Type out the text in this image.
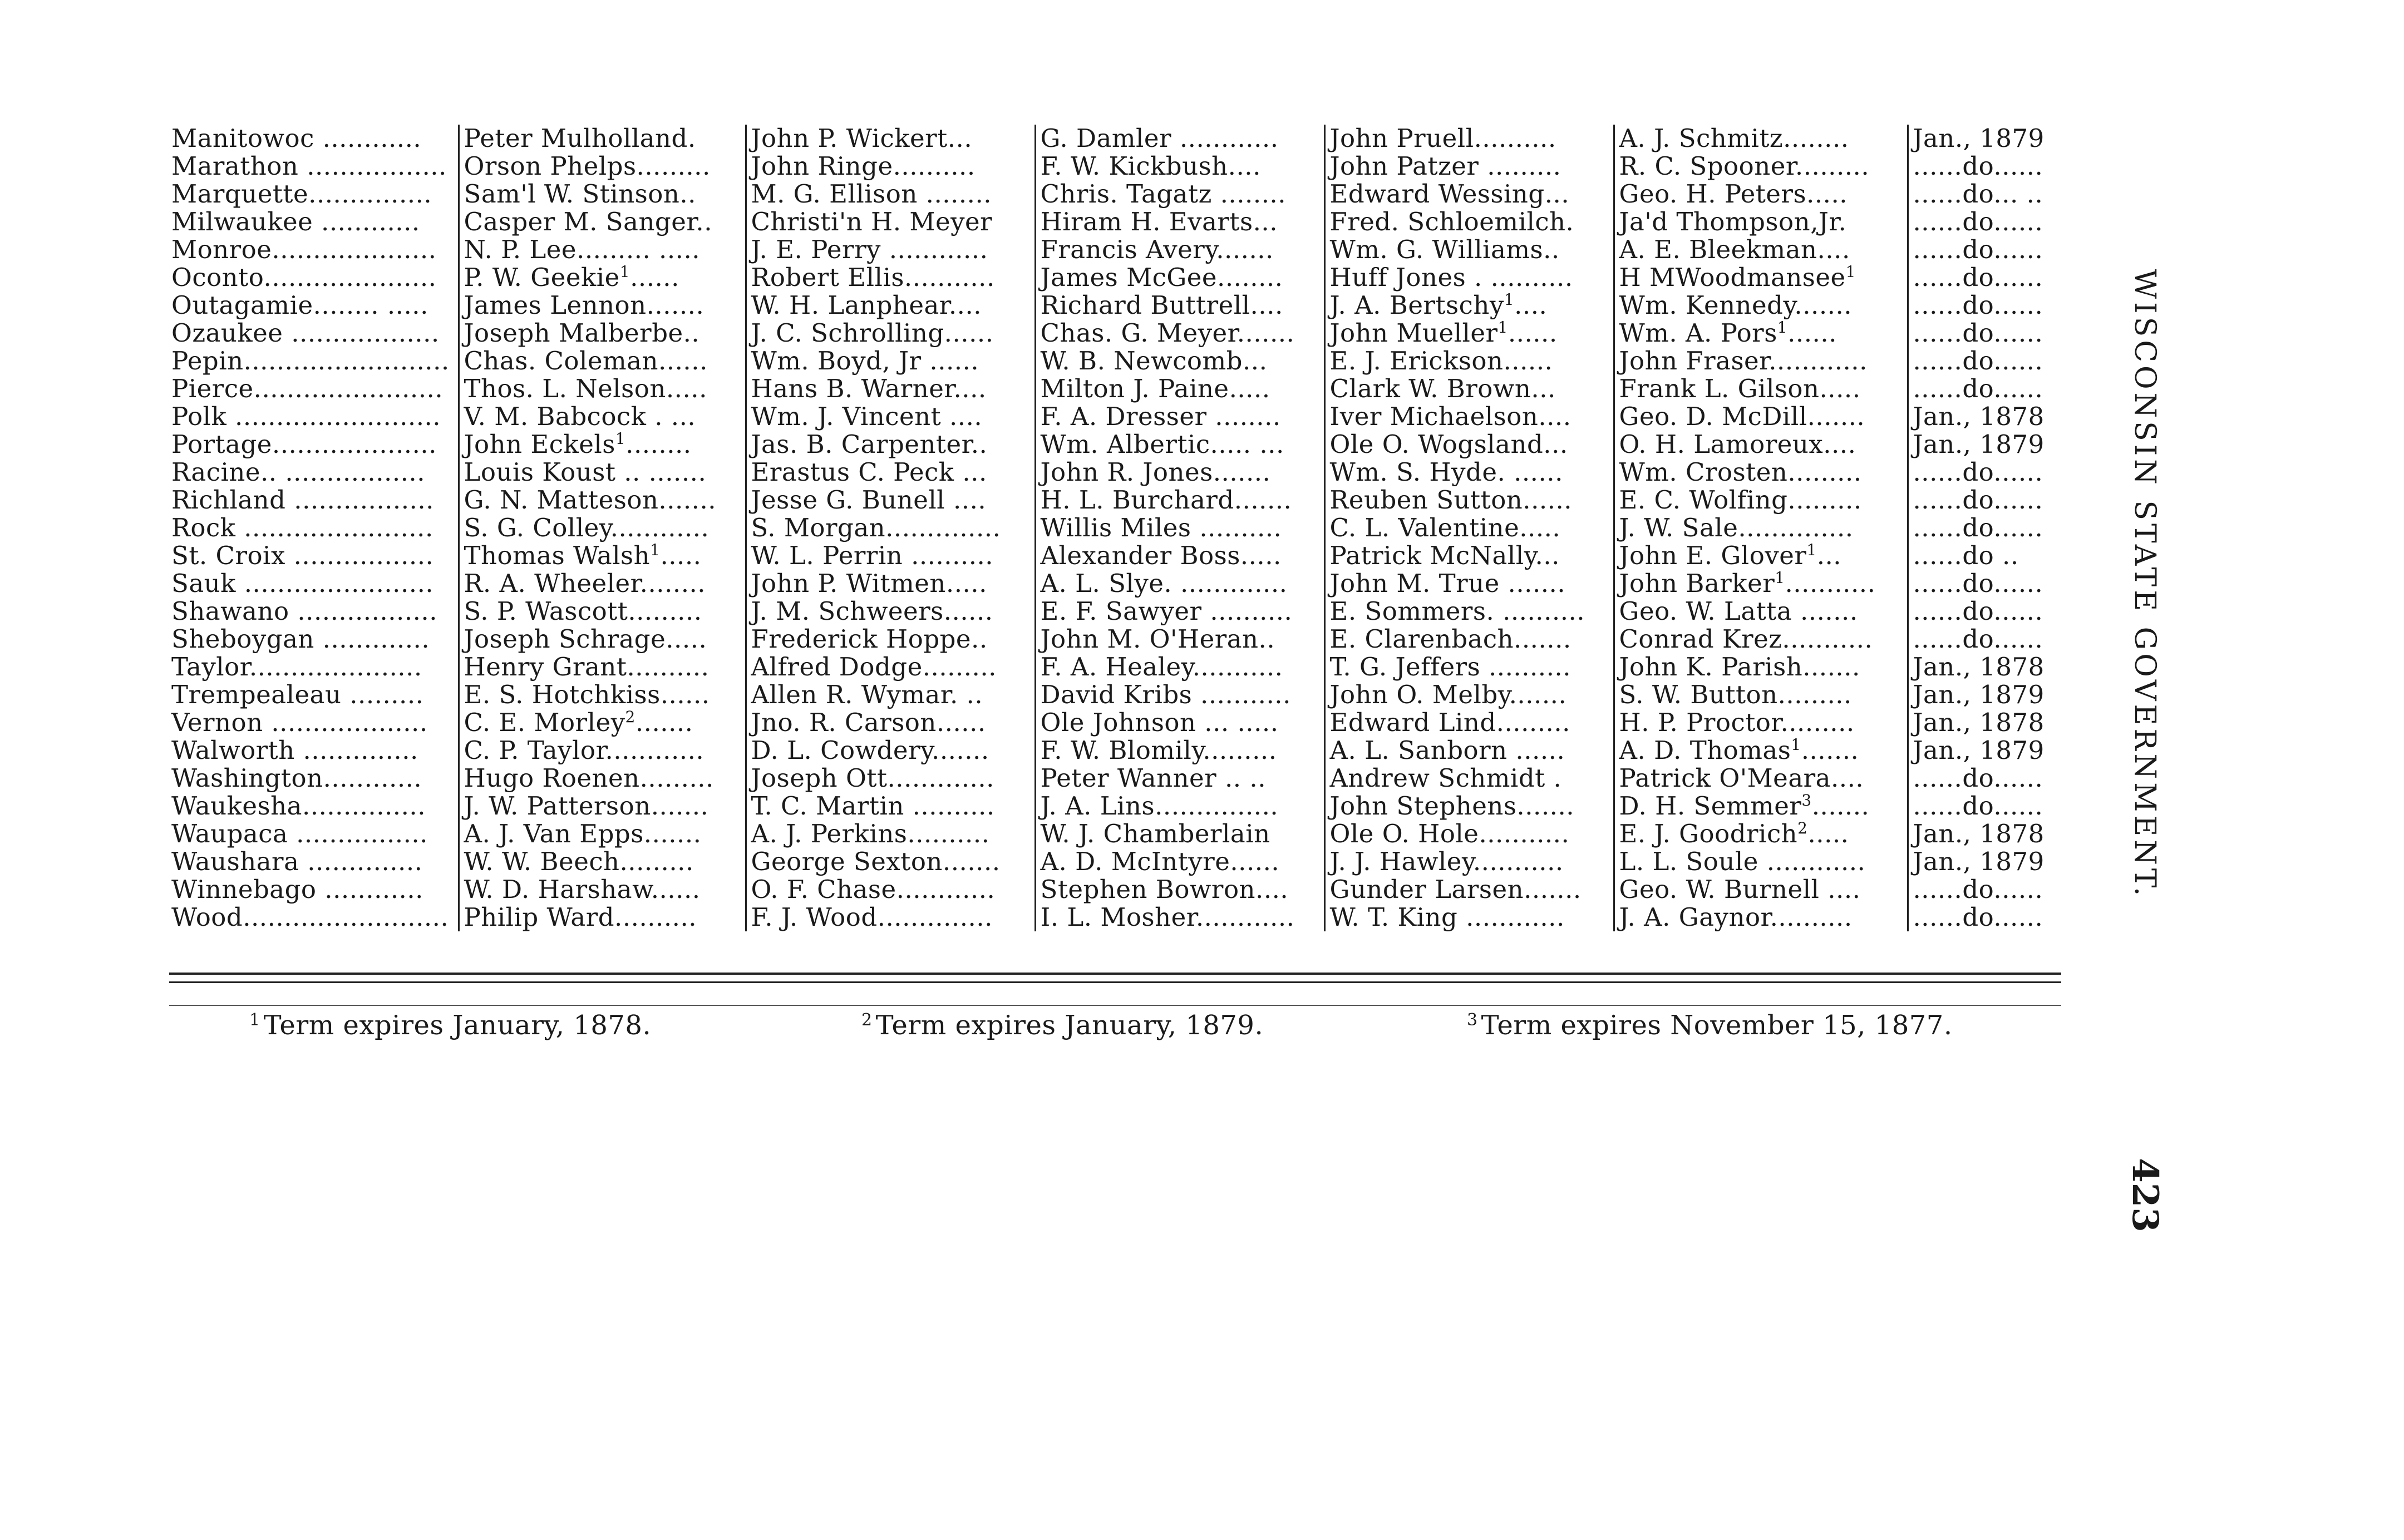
Manitowoc ............	Peter Mulholland.	John P. Wickert...	G. Damler ............	John Pruell..........	A. J. Schmitz........	Jan., 1879
Marathon .................	Orson Phelps.........	John Ringe..........	F. W. Kickbush....	John Patzer .........	R. C. Spooner.........	......do......
Marquette...............	Sam'l W. Stinson..	M. G. Ellison ........	Chris. Tagatz ........	Edward Wessing...	Geo. H. Peters.....	......do... ..
Milwaukee ............	Casper M. Sanger..	Christi'n H. Meyer	Hiram H. Evarts...	Fred. Schloemilch.	Ja'd Thompson,Jr.	......do......
Monroe....................	N. P. Lee......... .....	J. E. Perry ............	Francis Avery.......	Wm. G. Williams..	A. E. Bleekman....	......do......
Oconto.....................	P. W. Geekie$^1$......	Robert Ellis...........	James McGee........	Huff Jones . ..........	H MWoodmansee$^1$	......do......
Outagamie........ .....	James Lennon.......	W. H. Lanphear....	Richard Buttrell....	J. A. Bertschy$^1$....	Wm. Kennedy.......	......do......
Ozaukee ..................	Joseph Malberbe..	J. C. Schrolling......	Chas. G. Meyer.......	John Mueller$^1$......	Wm. A. Pors$^1$......	......do......
Pepin.........................	Chas. Coleman......	Wm. Boyd, Jr ......	W. B. Newcomb...	E. J. Erickson......	John Fraser............	......do......
Pierce.......................	Thos. L. Nelson.....	Hans B. Warner....	Milton J. Paine.....	Clark W. Brown...	Frank L. Gilson.....	......do......
Polk .........................	V. M. Babcock . ...	Wm. J. Vincent ....	F. A. Dresser ........	Iver Michaelson....	Geo. D. McDill.......	Jan., 1878
Portage....................	John Eckels$^1$........	Jas. B. Carpenter..	Wm. Albertic..... ...	Ole O. Wogsland...	O. H. Lamoreux....	Jan., 1879
Racine.. .................	Louis Koust .. .......	Erastus C. Peck ...	John R. Jones.......	Wm. S. Hyde. ......	Wm. Crosten.........	......do......
Richland .................	G. N. Matteson.......	Jesse G. Bunell ....	H. L. Burchard.......	Reuben Sutton......	E. C. Wolfing.........	......do......
Rock .......................	S. G. Colley............	S. Morgan..............	Willis Miles ..........	C. L. Valentine.....	J. W. Sale..............	......do......
St. Croix .................	Thomas Walsh$^1$.....	W. L. Perrin ..........	Alexander Boss.....	Patrick McNally...	John E. Glover$^1$...	......do ..
Sauk .......................	R. A. Wheeler........	John P. Witmen.....	A. L. Slye. .............	John M. True .......	John Barker$^1$...........	......do......
Shawano .................	S. P. Wascott.........	J. M. Schweers......	E. F. Sawyer ..........	E. Sommers. ..........	Geo. W. Latta .......	......do......
Sheboygan .............	Joseph Schrage.....	Frederick Hoppe..	John M. O'Heran..	E. Clarenbach.......	Conrad Krez...........	......do......
Taylor.....................	Henry Grant..........	Alfred Dodge.........	F. A. Healey...........	T. G. Jeffers ..........	John K. Parish.......	Jan., 1878
Trempealeau .........	E. S. Hotchkiss......	Allen R. Wymar. ..	David Kribs ...........	John O. Melby.......	S. W. Button.........	Jan., 1879
Vernon ...................	C. E. Morley$^2$.......	Jno. R. Carson......	Ole Johnson ... .....	Edward Lind.........	H. P. Proctor.........	Jan., 1878
Walworth ..............	C. P. Taylor............	D. L. Cowdery.......	F. W. Blomily.........	A. L. Sanborn ......	A. D. Thomas$^1$.......	Jan., 1879
Washington............	Hugo Roenen.........	Joseph Ott.............	Peter Wanner .. ..	Andrew Schmidt .	Patrick O'Meara....	......do......
Waukesha...............	J. W. Patterson.......	T. C. Martin ..........	J. A. Lins...............	John Stephens.......	D. H. Semmer$^3$.......	......do......
Waupaca ................	A. J. Van Epps.......	A. J. Perkins..........	W. J. Chamberlain	Ole O. Hole...........	E. J. Goodrich$^2$.....	Jan., 1878
Waushara ..............	W. W. Beech.........	George Sexton.......	A. D. McIntyre......	J. J. Hawley...........	L. L. Soule ............	Jan., 1879
Winnebago ............	W. D. Harshaw......	O. F. Chase............	Stephen Bowron....	Gunder Larsen.......	Geo. W. Burnell ....	......do......
Wood.........................	Philip Ward..........	F. J. Wood..............	I. L. Mosher............	W. T. King ............	J. A. Gaynor..........	......do......
$^1$ Term expires January, 1878.	$^2$ Term expires January, 1879.	$^3$ Term expires November 15, 1877.
WISCONSIN STATE GOVERNMENT.
423
